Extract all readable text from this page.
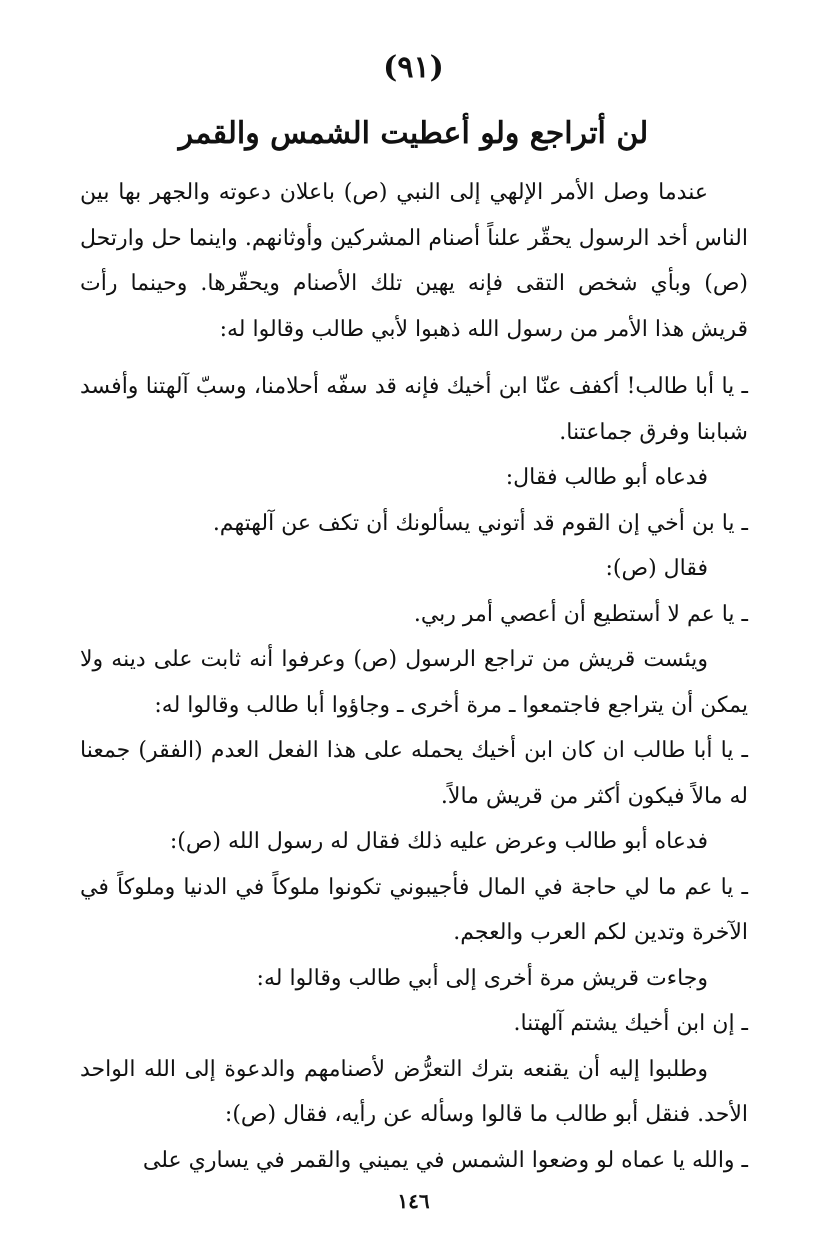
(٩١)
لن أتراجع ولو أعطيت الشمس والقمر

عندما وصل الأمر الإلهي إلى النبي (ص) باعلان دعوته والجهر بها بين الناس أخد الرسول يحقّر علناً أصنام المشركين وأوثانهم. واينما حل وارتحل (ص) وبأي شخص التقى فإنه يهين تلك الأصنام ويحقّرها. وحينما رأت قريش هذا الأمر من رسول الله ذهبوا لأبي طالب وقالوا له:

ـ يا أبا طالب! أكفف عنّا ابن أخيك فإنه قد سفّه أحلامنا، وسبّ آلهتنا وأفسد شبابنا وفرق جماعتنا.

فدعاه أبو طالب فقال:

ـ يا بن أخي إن القوم قد أتوني يسألونك أن تكف عن آلهتهم.

فقال (ص):

ـ يا عم لا أستطيع أن أعصي أمر ربي.

ويئست قريش من تراجع الرسول (ص) وعرفوا أنه ثابت على دينه ولا يمكن أن يتراجع فاجتمعوا ـ مرة أخرى ـ وجاؤوا أبا طالب وقالوا له:

ـ يا أبا طالب ان كان ابن أخيك يحمله على هذا الفعل العدم (الفقر) جمعنا له مالاً فيكون أكثر من قريش مالاً.

فدعاه أبو طالب وعرض عليه ذلك فقال له رسول الله (ص):

ـ يا عم ما لي حاجة في المال فأجيبوني تكونوا ملوكاً في الدنيا وملوكاً في الآخرة وتدين لكم العرب والعجم.

وجاءت قريش مرة أخرى إلى أبي طالب وقالوا له:

ـ إن ابن أخيك يشتم آلهتنا.

وطلبوا إليه أن يقنعه بترك التعرُّض لأصنامهم والدعوة إلى الله الواحد الأحد. فنقل أبو طالب ما قالوا وسأله عن رأيه، فقال (ص):

ـ والله يا عماه لو وضعوا الشمس في يميني والقمر في يساري على

١٤٦
